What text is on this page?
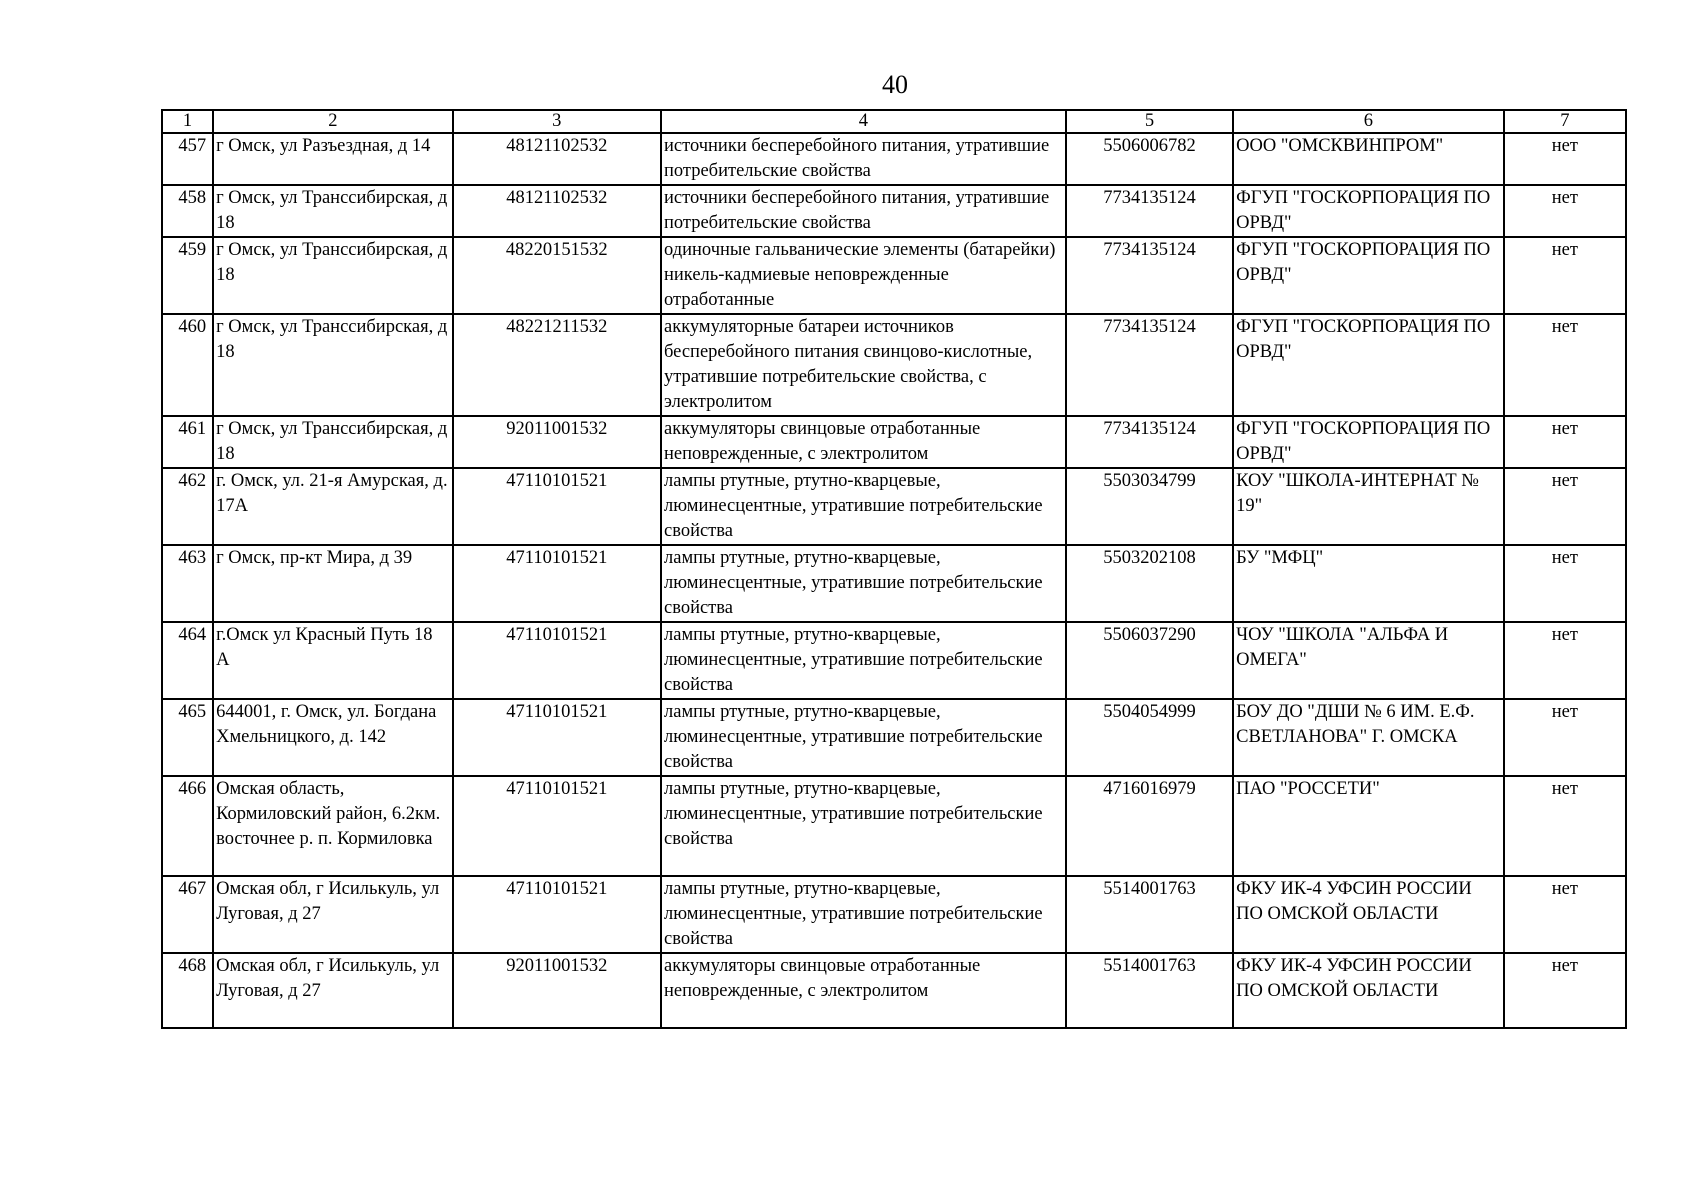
40
1	2	3	4	5	6	7
457	г Омск, ул Разъездная, д 14	48121102532	источники бесперебойного питания, утратившие потребительские свойства	5506006782	ООО "ОМСКВИНПРОМ"	нет
458	г Омск, ул Транссибирская, д 18	48121102532	источники бесперебойного питания, утратившие потребительские свойства	7734135124	ФГУП "ГОСКОРПОРАЦИЯ ПО ОРВД"	нет
459	г Омск, ул Транссибирская, д 18	48220151532	одиночные гальванические элементы (батарейки) никель-кадмиевые неповрежденные отработанные	7734135124	ФГУП "ГОСКОРПОРАЦИЯ ПО ОРВД"	нет
460	г Омск, ул Транссибирская, д 18	48221211532	аккумуляторные батареи источников бесперебойного питания свинцово-кислотные, утратившие потребительские свойства, с электролитом	7734135124	ФГУП "ГОСКОРПОРАЦИЯ ПО ОРВД"	нет
461	г Омск, ул Транссибирская, д 18	92011001532	аккумуляторы свинцовые отработанные неповрежденные, с электролитом	7734135124	ФГУП "ГОСКОРПОРАЦИЯ ПО ОРВД"	нет
462	г. Омск, ул. 21-я Амурская, д. 17А	47110101521	лампы ртутные, ртутно-кварцевые, люминесцентные, утратившие потребительские свойства	5503034799	КОУ "ШКОЛА-ИНТЕРНАТ № 19"	нет
463	г Омск, пр-кт Мира, д 39	47110101521	лампы ртутные, ртутно-кварцевые, люминесцентные, утратившие потребительские свойства	5503202108	БУ "МФЦ"	нет
464	г.Омск ул Красный Путь 18 А	47110101521	лампы ртутные, ртутно-кварцевые, люминесцентные, утратившие потребительские свойства	5506037290	ЧОУ "ШКОЛА "АЛЬФА И ОМЕГА"	нет
465	644001, г. Омск, ул. Богдана Хмельницкого, д. 142	47110101521	лампы ртутные, ртутно-кварцевые, люминесцентные, утратившие потребительские свойства	5504054999	БОУ ДО "ДШИ № 6 ИМ. Е.Ф. СВЕТЛАНОВА" Г. ОМСКА	нет
466	Омская область, Кормиловский район, 6.2км. восточнее р. п. Кормиловка	47110101521	лампы ртутные, ртутно-кварцевые, люминесцентные, утратившие потребительские свойства	4716016979	ПАО "РОССЕТИ"	нет
467	Омская обл, г Исилькуль, ул Луговая, д 27	47110101521	лампы ртутные, ртутно-кварцевые, люминесцентные, утратившие потребительские свойства	5514001763	ФКУ ИК-4 УФСИН РОССИИ ПО ОМСКОЙ ОБЛАСТИ	нет
468	Омская обл, г Исилькуль, ул Луговая, д 27	92011001532	аккумуляторы свинцовые отработанные неповрежденные, с электролитом	5514001763	ФКУ ИК-4 УФСИН РОССИИ ПО ОМСКОЙ ОБЛАСТИ	нет
